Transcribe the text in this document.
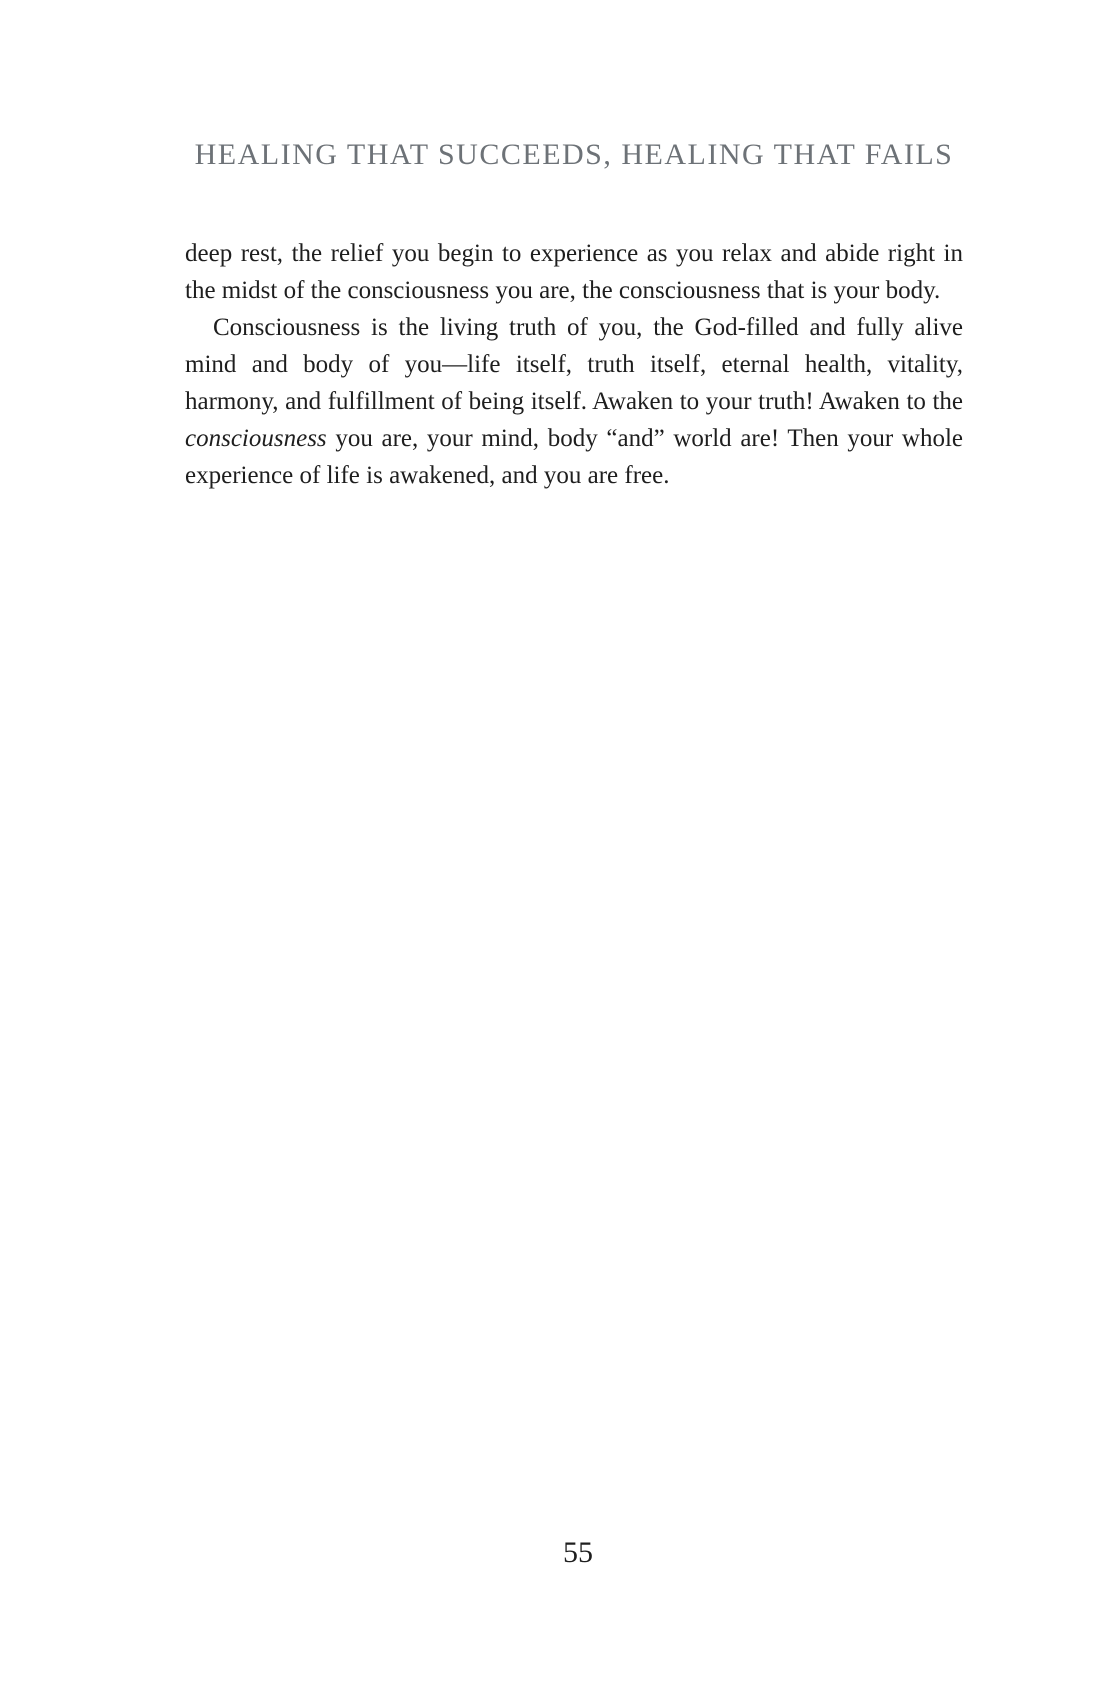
HEALING THAT SUCCEEDS, HEALING THAT FAILS

deep rest, the relief you begin to experience as you relax and abide right in the midst of the consciousness you are, the consciousness that is your body.

Consciousness is the living truth of you, the God-filled and fully alive mind and body of you—life itself, truth itself, eternal health, vitality, harmony, and fulfillment of being itself. Awaken to your truth! Awaken to the consciousness you are, your mind, body “and” world are! Then your whole experience of life is awakened, and you are free.

55
